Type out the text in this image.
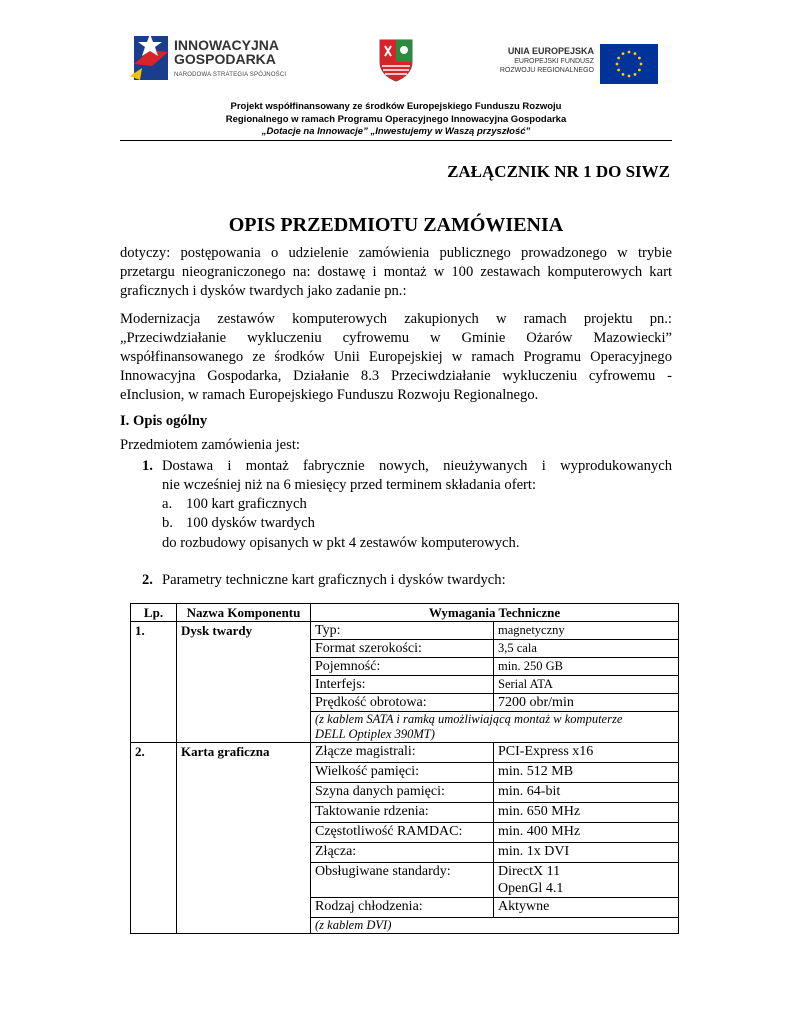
INNOWACYJNA
GOSPODARKA
NARODOWA STRATEGIA SPÓJNOŚCI
UNIA EUROPEJSKA
EUROPEJSKI FUNDUSZ
ROZWOJU REGIONALNEGO
Projekt współfinansowany ze środków Europejskiego Funduszu Rozwoju
Regionalnego w ramach Programu Operacyjnego Innowacyjna Gospodarka
„Dotacje na Innowacje” „Inwestujemy w Waszą przyszłość”
ZAŁĄCZNIK NR 1 DO SIWZ
OPIS PRZEDMIOTU ZAMÓWIENIA
dotyczy: postępowania o udzielenie zamówienia publicznego prowadzonego w trybie
przetargu nieograniczonego na: dostawę i montaż w 100 zestawach komputerowych kart
graficznych i dysków twardych jako zadanie pn.:
Modernizacja zestawów komputerowych zakupionych w ramach projektu pn.:
„Przeciwdziałanie wykluczeniu cyfrowemu w Gminie Ożarów Mazowiecki”
współfinansowanego ze środków Unii Europejskiej w ramach Programu Operacyjnego
Innowacyjna Gospodarka, Działanie 8.3 Przeciwdziałanie wykluczeniu cyfrowemu -
eInclusion, w ramach Europejskiego Funduszu Rozwoju Regionalnego.
I. Opis ogólny
Przedmiotem zamówienia jest:
1. Dostawa i montaż fabrycznie nowych, nieużywanych i wyprodukowanych
nie wcześniej niż na 6 miesięcy przed terminem składania ofert:
a. 100 kart graficznych
b. 100 dysków twardych
do rozbudowy opisanych w pkt 4 zestawów komputerowych.
2. Parametry techniczne kart graficznych i dysków twardych:
Lp.	Nazwa Komponentu	Wymagania Techniczne	
1.	Dysk twardy	Typ:	magnetyczny
		Format szerokości:	3,5 cala
		Pojemność:	min. 250 GB
		Interfejs:	Serial ATA
		Prędkość obrotowa:	7200 obr/min

		(z kablem SATA i ramką umożliwiającą montaż w komputerze
DELL Optiplex 390MT)	

2.	Karta graficzna	Złącze magistrali:	PCI-Express x16
		Wielkość pamięci:	min. 512 MB
		Szyna danych pamięci:	min. 64-bit
		Taktowanie rdzenia:	min. 650 MHz
		Częstotliwość RAMDAC:	min. 400 MHz
		Złącza:	min. 1x DVI
		Obsługiwane standardy:	DirectX 11
OpenGl 4.1

		Rodzaj chłodzenia:	Aktywne

		(z kablem DVI)	
